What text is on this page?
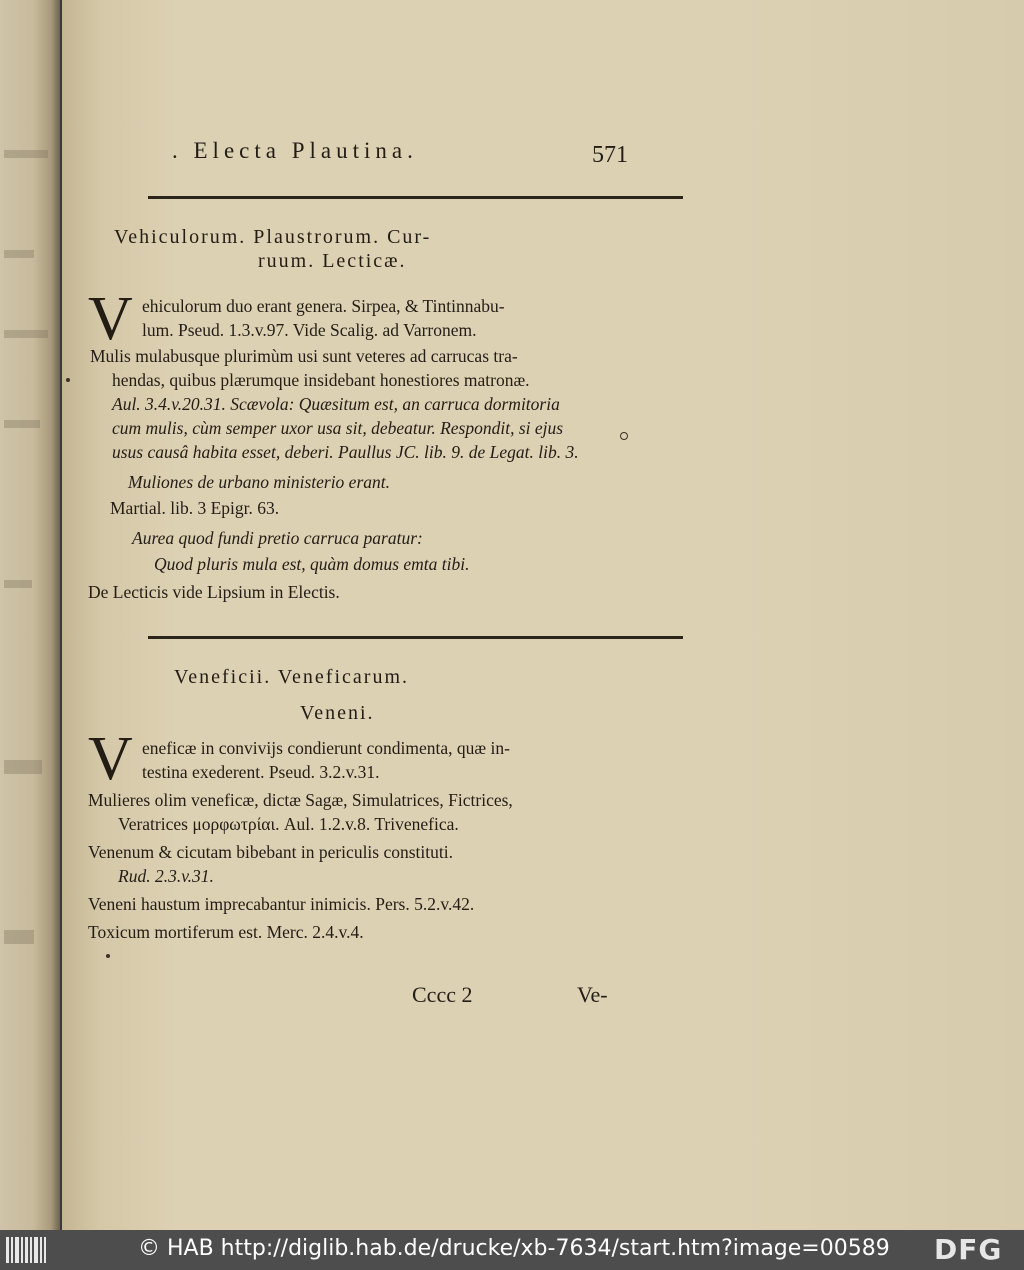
. Electa Plautina.	571
Vehiculorum. Plaustrorum. Cur-
ruum. Lecticæ.
V ehiculorum duo erant genera. Sirpea, & Tintinnabu-
lum. Pseud. 1.3.v.97. Vide Scalig. ad Varronem.
Mulis mulabusque plurimùm usi sunt veteres ad carrucas tra-
hendas, quibus plærumque insidebant honestiores matronæ.
Aul. 3.4.v.20.31. Scævola: Quæsitum est, an carruca dormitoria
cum mulis, cùm semper uxor usa sit, debeatur. Respondit, si ejus
usus causâ habita esset, deberi. Paullus JC. lib. 9. de Legat. lib. 3.
Muliones de urbano ministerio erant.
Martial. lib. 3 Epigr. 63.
Aurea quod fundi pretio carruca paratur:
Quod pluris mula est, quàm domus emta tibi.
De Lecticis vide Lipsium in Electis.
Veneficii. Veneficarum.
Veneni.
V eneficæ in convivijs condierunt condimenta, quæ in-
testina exederent. Pseud. 3.2.v.31.
Mulieres olim veneficæ, dictæ Sagæ, Simulatrices, Fictrices,
Veratrices μορφωτρίαι. Aul. 1.2.v.8. Triveneficа.
Venenum & cicutam bibebant in periculis constituti.
Rud. 2.3.v.31.
Veneni haustum imprecabantur inimicis. Pers. 5.2.v.42.
Toxicum mortiferum est. Merc. 2.4.v.4.
Cccc 2	Ve-
© HAB http://diglib.hab.de/drucke/xb-7634/start.htm?image=00589 DFG
